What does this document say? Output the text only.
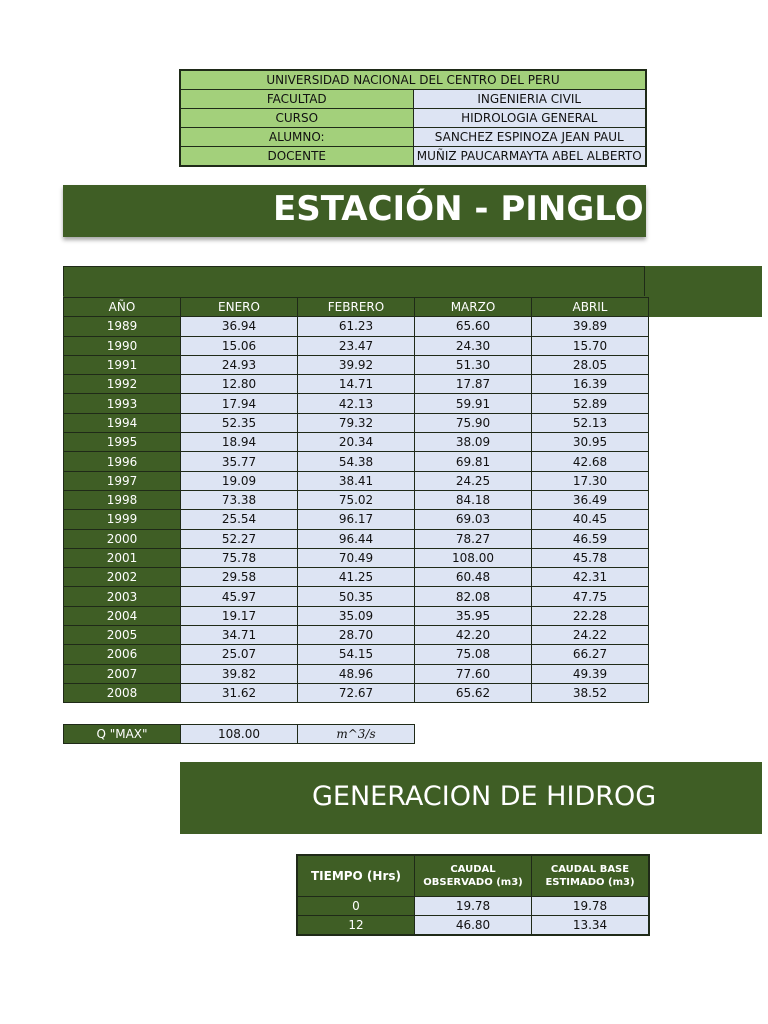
UNIVERSIDAD NACIONAL DEL CENTRO DEL PERU	
FACULTAD	INGENIERIA CIVIL
CURSO	HIDROLOGIA GENERAL
ALUMNO:	SANCHEZ ESPINOZA JEAN PAUL
DOCENTE	MUÑIZ PAUCARMAYTA ABEL ALBERTO
ESTACIÓN - PINGLO
AÑO	ENERO	FEBRERO	MARZO	ABRIL
1989	36.94	61.23	65.60	39.89
1990	15.06	23.47	24.30	15.70
1991	24.93	39.92	51.30	28.05
1992	12.80	14.71	17.87	16.39
1993	17.94	42.13	59.91	52.89
1994	52.35	79.32	75.90	52.13
1995	18.94	20.34	38.09	30.95
1996	35.77	54.38	69.81	42.68
1997	19.09	38.41	24.25	17.30
1998	73.38	75.02	84.18	36.49
1999	25.54	96.17	69.03	40.45
2000	52.27	96.44	78.27	46.59
2001	75.78	70.49	108.00	45.78
2002	29.58	41.25	60.48	42.31
2003	45.97	50.35	82.08	47.75
2004	19.17	35.09	35.95	22.28
2005	34.71	28.70	42.20	24.22
2006	25.07	54.15	75.08	66.27
2007	39.82	48.96	77.60	49.39
2008	31.62	72.67	65.62	38.52
Q "MAX"	108.00	m^3/s
GENERACION DE HIDROG
TIEMPO (Hrs)	CAUDAL OBSERVADO (m3)	CAUDAL BASE ESTIMADO (m3)
0	19.78	19.78
12	46.80	13.34
